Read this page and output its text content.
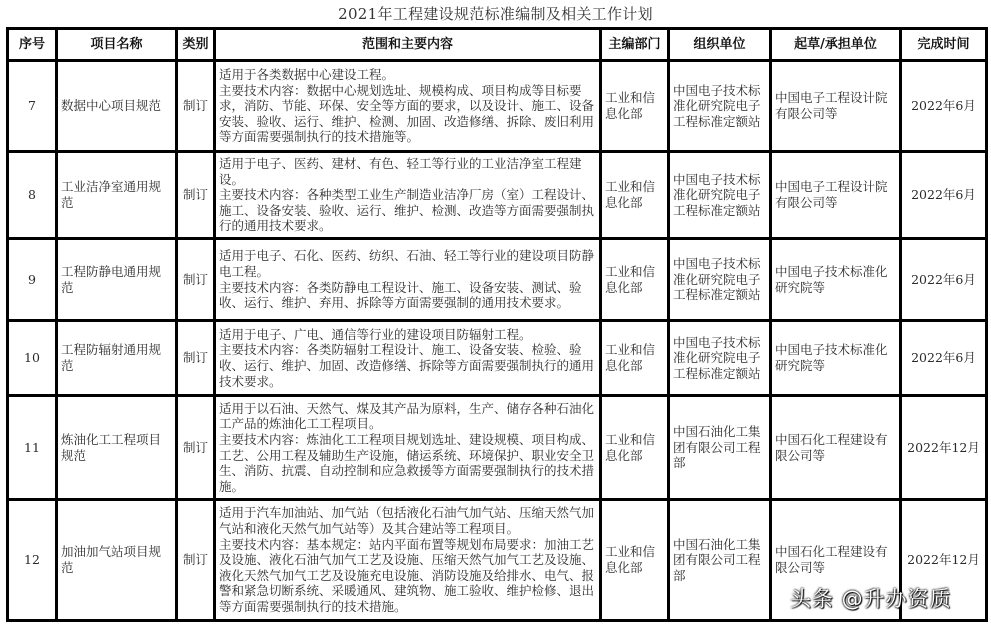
2021年工程建设规范标准编制及相关工作计划
序号	项目名称	类别	范围和主要内容	主编部门	组织单位	起草/承担单位	完成时间
7	数据中心项目规范	制订	适用于各类数据中心建设工程。
主要技术内容：数据中心规划选址、规模构成、项目构成等目标要求，消防、节能、环保、安全等方面的要求，以及设计、施工、设备安装、验收、运行、维护、检测、加固、改造修缮、拆除、废旧利用等方面需要强制执行的技术措施等。	工业和信息化部	中国电子技术标准化研究院电子工程标准定额站	中国电子工程设计院有限公司等	2022年6月
8	工业洁净室通用规范	制订	适用于电子、医药、建材、有色、轻工等行业的工业洁净室工程建设。
主要技术内容：各种类型工业生产制造业洁净厂房（室）工程设计、施工、设备安装、验收、运行、维护、检测、改造等方面需要强制执行的通用技术要求。	工业和信息化部	中国电子技术标准化研究院电子工程标准定额站	中国电子工程设计院有限公司等	2022年6月
9	工程防静电通用规范	制订	适用于电子、石化、医药、纺织、石油、轻工等行业的建设项目防静电工程。
主要技术内容：各类防静电工程设计、施工、设备安装、测试、验收、运行、维护、弃用、拆除等方面需要强制的通用技术要求。	工业和信息化部	中国电子技术标准化研究院电子工程标准定额站	中国电子技术标准化研究院等	2022年6月
10	工程防辐射通用规范	制订	适用于电子、广电、通信等行业的建设项目防辐射工程。
主要技术内容：各类防辐射工程设计、施工、设备安装、检验、验收、运行、维护、加固、改造修缮、拆除等方面需要强制执行的通用技术要求。	工业和信息化部	中国电子技术标准化研究院电子工程标准定额站	中国电子技术标准化研究院等	2022年6月
11	炼油化工工程项目规范	制订	适用于以石油、天然气、煤及其产品为原料，生产、储存各种石油化工产品的炼油化工工程项目。
主要技术内容：炼油化工工程项目规划选址、建设规模、项目构成、工艺、公用工程及辅助生产设施，储运系统、环境保护、职业安全卫生、消防、抗震、自动控制和应急救援等方面需要强制执行的技术措施。	工业和信息化部	中国石油化工集团有限公司工程部	中国石化工程建设有限公司等	2022年12月
12	加油加气站项目规范	制订	适用于汽车加油站、加气站（包括液化石油气加气站、压缩天然气加气站和液化天然气加气站等）及其合建站等工程项目。
主要技术内容：基本规定：站内平面布置等规划布局要求：加油工艺及设施、液化石油气加气工艺及设施、压缩天然气加气工艺及设施、液化天然气加气工艺及设施充电设施、消防设施及给排水、电气、报警和紧急切断系统、采暖通风、建筑物、施工验收、维护检修、退出等方面需要强制执行的技术措施。	工业和信息化部	中国石油化工集团有限公司工程部	中国石化工程建设有限公司等	2022年12月
头条 @升办资质
